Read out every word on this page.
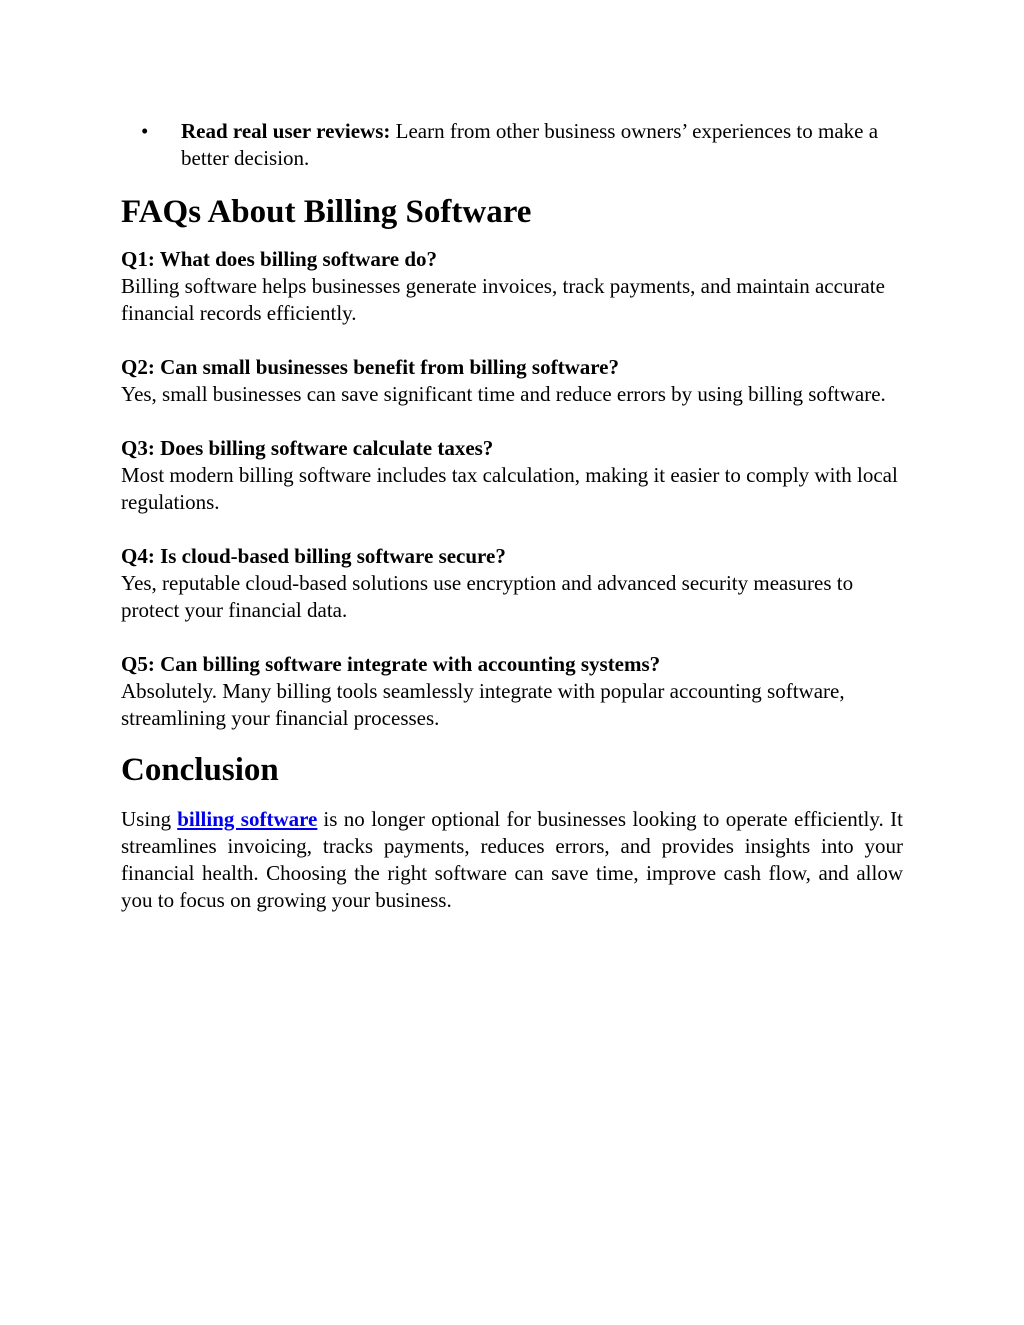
• Read real user reviews: Learn from other business owners’ experiences to make a better decision.
FAQs About Billing Software
Q1: What does billing software do?
Billing software helps businesses generate invoices, track payments, and maintain accurate financial records efficiently.
Q2: Can small businesses benefit from billing software?
Yes, small businesses can save significant time and reduce errors by using billing software.
Q3: Does billing software calculate taxes?
Most modern billing software includes tax calculation, making it easier to comply with local regulations.
Q4: Is cloud-based billing software secure?
Yes, reputable cloud-based solutions use encryption and advanced security measures to protect your financial data.
Q5: Can billing software integrate with accounting systems?
Absolutely. Many billing tools seamlessly integrate with popular accounting software, streamlining your financial processes.
Conclusion

Using billing software is no longer optional for businesses looking to operate efficiently. It streamlines invoicing, tracks payments, reduces errors, and provides insights into your financial health. Choosing the right software can save time, improve cash flow, and allow you to focus on growing your business.
